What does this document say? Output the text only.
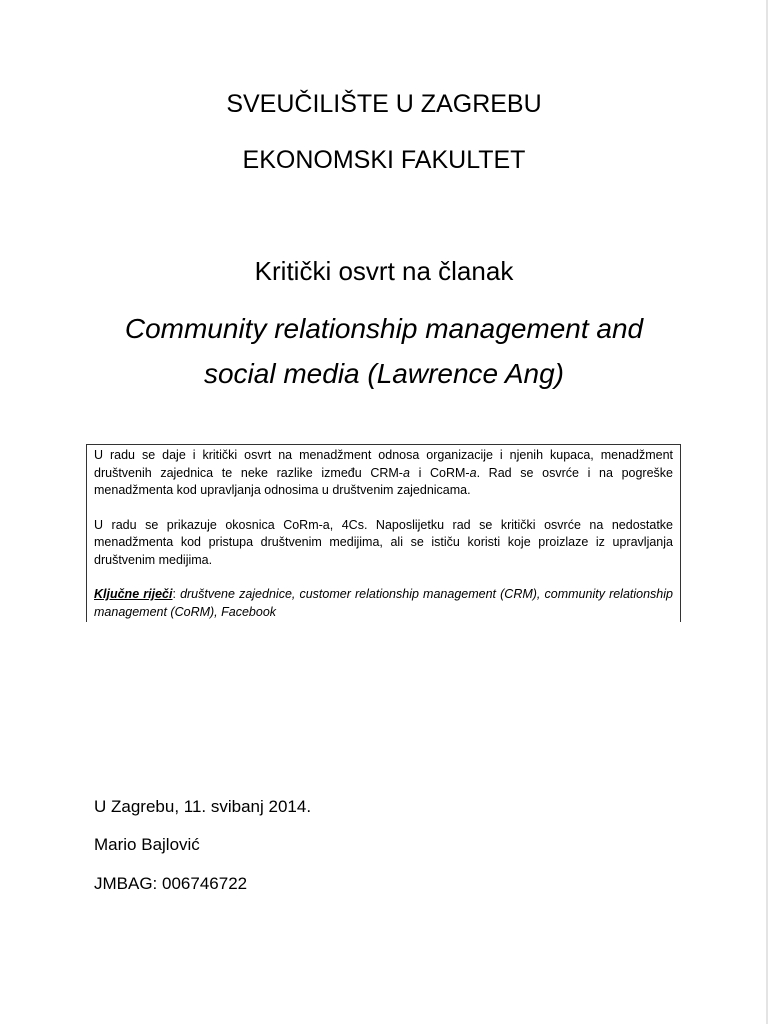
SVEUČILIŠTE U ZAGREBU
EKONOMSKI FAKULTET
Kritički osvrt na članak
Community relationship management and
social media (Lawrence Ang)

U radu se daje i kritički osvrt na menadžment odnosa organizacije i njenih kupaca, menadžment društvenih zajednica te neke razlike između CRM-a i CoRM-a. Rad se osvrće i na pogreške menadžmenta kod upravljanja odnosima u društvenim zajednicama.

U radu se prikazuje okosnica CoRm-a, 4Cs. Naposlijetku rad se kritički osvrće na nedostatke menadžmenta kod pristupa društvenim medijima, ali se ističu koristi koje proizlaze iz upravljanja društvenim medijima.

Ključne riječi: društvene zajednice, customer relationship management (CRM), community relationship management (CoRM), Facebook

U Zagrebu, 11. svibanj 2014.
Mario Bajlović
JMBAG: 006746722
